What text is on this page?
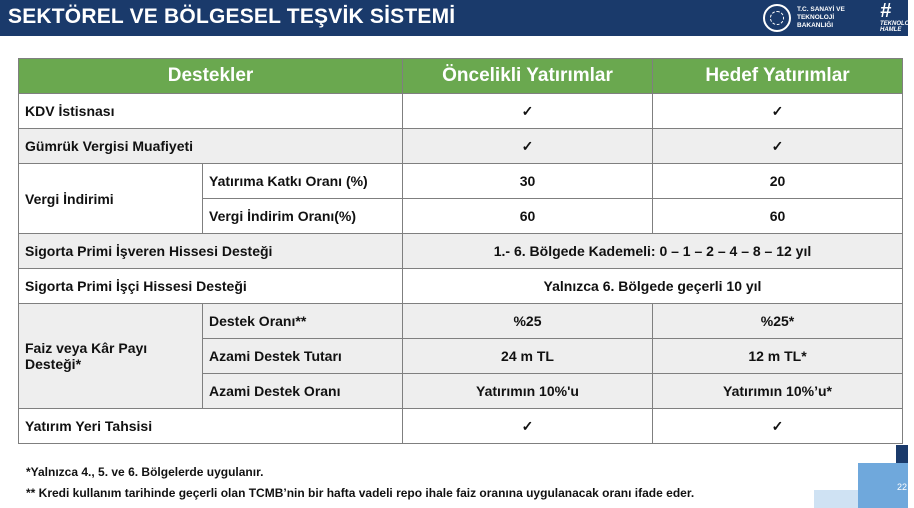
SEKTÖREL VE BÖLGESEL TEŞVİK SİSTEMİ	T.C. SANAYİ VE
TEKNOLOJİ BAKANLIĞI
#
TEKNOLOJİ
HAMLE
Destekler		Öncelikli Yatırımlar	Hedef Yatırımlar
KDV İstisnası		✓	✓
Gümrük Vergisi Muafiyeti		✓	✓
Vergi İndirimi	Yatırıma Katkı Oranı (%)	30	20
	Vergi İndirim Oranı(%)	60	60
Sigorta Primi İşveren Hissesi Desteği		1.- 6. Bölgede Kademeli: 0 – 1 – 2 – 4 – 8 – 12 yıl	
Sigorta Primi İşçi Hissesi Desteği		Yalnızca 6. Bölgede geçerli 10 yıl	
Faiz veya Kâr Payı Desteği*	Destek Oranı**	%25	%25*
	Azami Destek Tutarı	24 m TL	12 m TL*
	Azami Destek Oranı	Yatırımın 10%'u	Yatırımın 10%’u*
Yatırım Yeri Tahsisi		✓	✓
*Yalnızca 4., 5. ve 6. Bölgelerde uygulanır.
** Kredi kullanım tarihinde geçerli olan TCMB’nin bir hafta vadeli repo ihale faiz oranına uygulanacak oranı ifade eder.	22
